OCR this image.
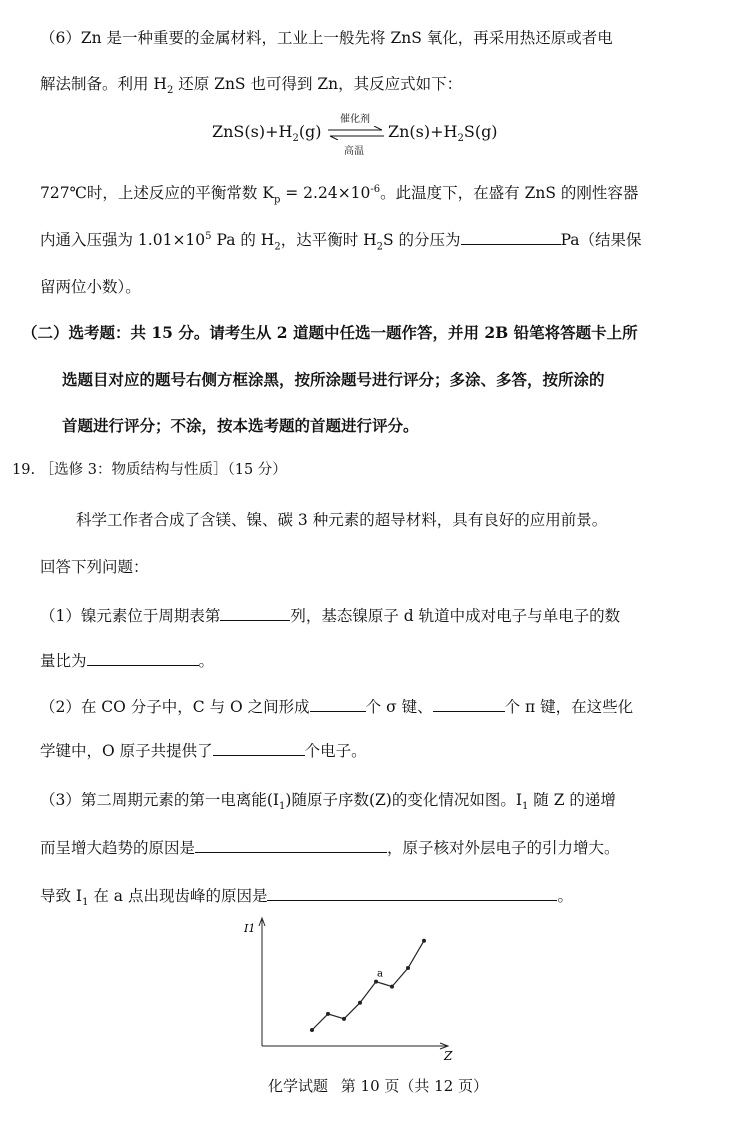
（6）Zn 是一种重要的金属材料，工业上一般先将 ZnS 氧化，再采用热还原或者电
解法制备。利用 $H_2$ 还原 ZnS 也可得到 Zn，其反应式如下：
$ZnS(s)+H_2(g)$
催化剂
高温
$Zn(s)+H_2S(g)$
727℃时，上述反应的平衡常数 $K_p = 2.24\times 10^{-6}$。此温度下，在盛有 ZnS 的刚性容器
内通入压强为 $1.01\times 10^5$ Pa 的 $H_2$，达平衡时 $H_2S$ 的分压为	Pa（结果保
留两位小数）。
（二）选考题：共 15 分。请考生从 2 道题中任选一题作答，并用 2B 铅笔将答题卡上所
选题目对应的题号右侧方框涂黑，按所涂题号进行评分；多涂、多答，按所涂的
首题进行评分；不涂，按本选考题的首题进行评分。
19. ［选修 3：物质结构与性质］（15 分）
科学工作者合成了含镁、镍、碳 3 种元素的超导材料，具有良好的应用前景。
回答下列问题：
（1）镍元素位于周期表第	列，基态镍原子 d 轨道中成对电子与单电子的数
量比为	。
（2）在 CO 分子中，C 与 O 之间形成	个 σ 键、	个 π 键，在这些化
学键中，O 原子共提供了	个电子。
（3）第二周期元素的第一电离能$(I_1)$随原子序数(Z)的变化情况如图。$I_1$ 随 Z 的递增
而呈增大趋势的原因是	，原子核对外层电子的引力增大。
导致 $I_1$ 在 a 点出现齿峰的原因是	。
I1
Z
a
化学试题 第 10 页（共 12 页）
